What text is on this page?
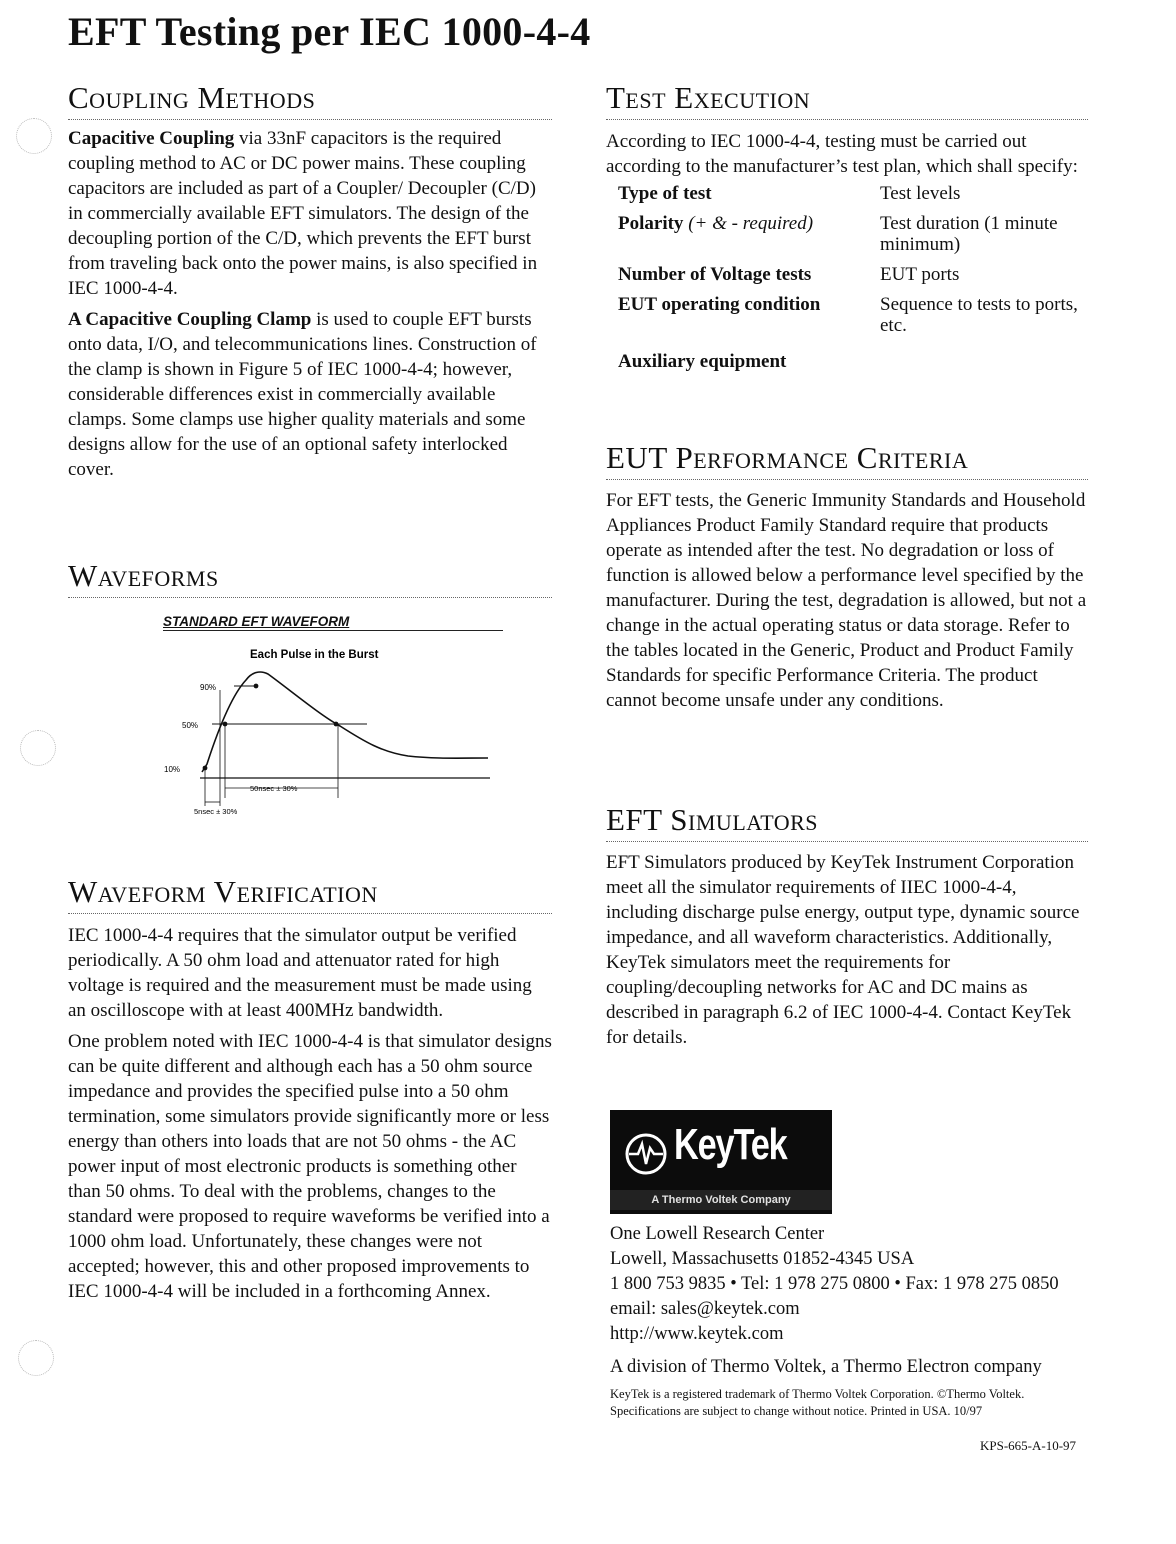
EFT Testing per IEC 1000-4-4
Coupling Methods

Capacitive Coupling via 33nF capacitors is the required coupling method to AC or DC power mains. These coupling capacitors are included as part of a Coupler/ Decoupler (C/D) in commercially available EFT simulators. The design of the decoupling portion of the C/D, which prevents the EFT burst from traveling back onto the power mains, is also specified in IEC 1000-4-4.

A Capacitive Coupling Clamp is used to couple EFT bursts onto data, I/O, and telecommunications lines. Construction of the clamp is shown in Figure 5 of IEC 1000-4-4; however, considerable differences exist in commercially available clamps. Some clamps use higher quality materials and some designs allow for the use of an optional safety interlocked cover.

Waveforms
STANDARD EFT WAVEFORM
Each Pulse in the Burst
90%
50%
10%
50nsec ± 30%
5nsec ± 30%
Waveform Verification

IEC 1000-4-4 requires that the simulator output be verified periodically. A 50 ohm load and attenuator rated for high voltage is required and the measurement must be made using an oscilloscope with at least 400MHz bandwidth.

One problem noted with IEC 1000-4-4 is that simulator designs can be quite different and although each has a 50 ohm source impedance and provides the specified pulse into a 50 ohm termination, some simulators provide significantly more or less energy than others into loads that are not 50 ohms - the AC power input of most electronic products is something other than 50 ohms. To deal with the problems, changes to the standard were proposed to require waveforms be verified into a 1000 ohm load. Unfortunately, these changes were not accepted; however, this and other proposed improvements to IEC 1000-4-4 will be included in a forthcoming Annex.

Test Execution

According to IEC 1000-4-4, testing must be carried out according to the manufacturer’s test plan, which shall specify:

Type of test	Test levels
Polarity (+ & - required)	Test duration (1 minute minimum)
Number of Voltage tests	EUT ports
EUT operating condition	Sequence to tests to ports, etc.
Auxiliary equipment
EUT Performance Criteria

For EFT tests, the Generic Immunity Standards and Household Appliances Product Family Standard require that products operate as intended after the test. No degradation or loss of function is allowed below a performance level specified by the manufacturer. During the test, degradation is allowed, but not a change in the actual operating status or data storage. Refer to the tables located in the Generic, Product and Product Family Standards for specific Performance Criteria. The product cannot become unsafe under any conditions.

EFT Simulators

EFT Simulators produced by KeyTek Instrument Corporation meet all the simulator requirements of IIEC 1000-4-4, including discharge pulse energy, output type, dynamic source impedance, and all waveform characteristics. Additionally, KeyTek simulators meet the requirements for coupling/decoupling networks for AC and DC mains as described in paragraph 6.2 of IEC 1000-4-4. Contact KeyTek for details.

KeyTek
A Thermo Voltek Company
One Lowell Research Center
Lowell, Massachusetts 01852-4345 USA
1 800 753 9835 • Tel: 1 978 275 0800 • Fax: 1 978 275 0850
email: sales@keytek.com
http://www.keytek.com
A division of Thermo Voltek, a Thermo Electron company
KeyTek is a registered trademark of Thermo Voltek Corporation. ©Thermo Voltek.
Specifications are subject to change without notice. Printed in USA. 10/97
KPS-665-A-10-97
